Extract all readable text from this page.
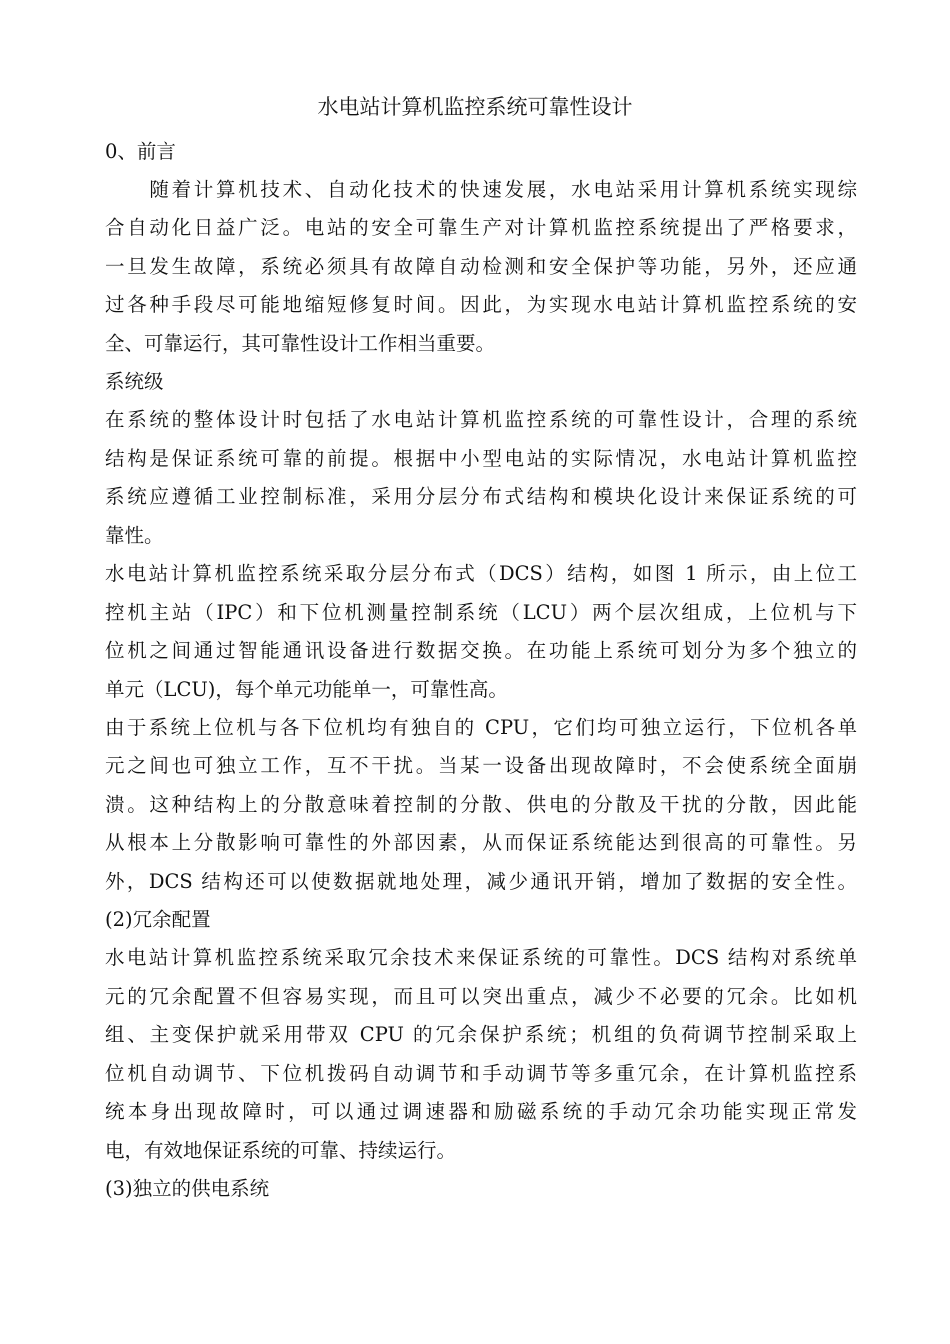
水电站计算机监控系统可靠性设计

0、前言

　　随着计算机技术、自动化技术的快速发展，水电站采用计算机系统实现综

合自动化日益广泛。电站的安全可靠生产对计算机监控系统提出了严格要求，

一旦发生故障，系统必须具有故障自动检测和安全保护等功能，另外，还应通

过各种手段尽可能地缩短修复时间。因此，为实现水电站计算机监控系统的安

全、可靠运行，其可靠性设计工作相当重要。

系统级

在系统的整体设计时包括了水电站计算机监控系统的可靠性设计，合理的系统

结构是保证系统可靠的前提。根据中小型电站的实际情况，水电站计算机监控

系统应遵循工业控制标准，采用分层分布式结构和模块化设计来保证系统的可

靠性。

水电站计算机监控系统采取分层分布式（DCS）结构，如图 1 所示，由上位工

控机主站（IPC）和下位机测量控制系统（LCU）两个层次组成，上位机与下

位机之间通过智能通讯设备进行数据交换。在功能上系统可划分为多个独立的

单元（LCU)，每个单元功能单一，可靠性高。

由于系统上位机与各下位机均有独自的 CPU，它们均可独立运行，下位机各单

元之间也可独立工作，互不干扰。当某一设备出现故障时，不会使系统全面崩

溃。这种结构上的分散意味着控制的分散、供电的分散及干扰的分散，因此能

从根本上分散影响可靠性的外部因素，从而保证系统能达到很高的可靠性。另

外，DCS 结构还可以使数据就地处理，减少通讯开销，增加了数据的安全性。

(2)冗余配置

水电站计算机监控系统采取冗余技术来保证系统的可靠性。DCS 结构对系统单

元的冗余配置不但容易实现，而且可以突出重点，减少不必要的冗余。比如机

组、主变保护就采用带双 CPU 的冗余保护系统；机组的负荷调节控制采取上

位机自动调节、下位机拨码自动调节和手动调节等多重冗余，在计算机监控系

统本身出现故障时，可以通过调速器和励磁系统的手动冗余功能实现正常发

电，有效地保证系统的可靠、持续运行。

(3)独立的供电系统
